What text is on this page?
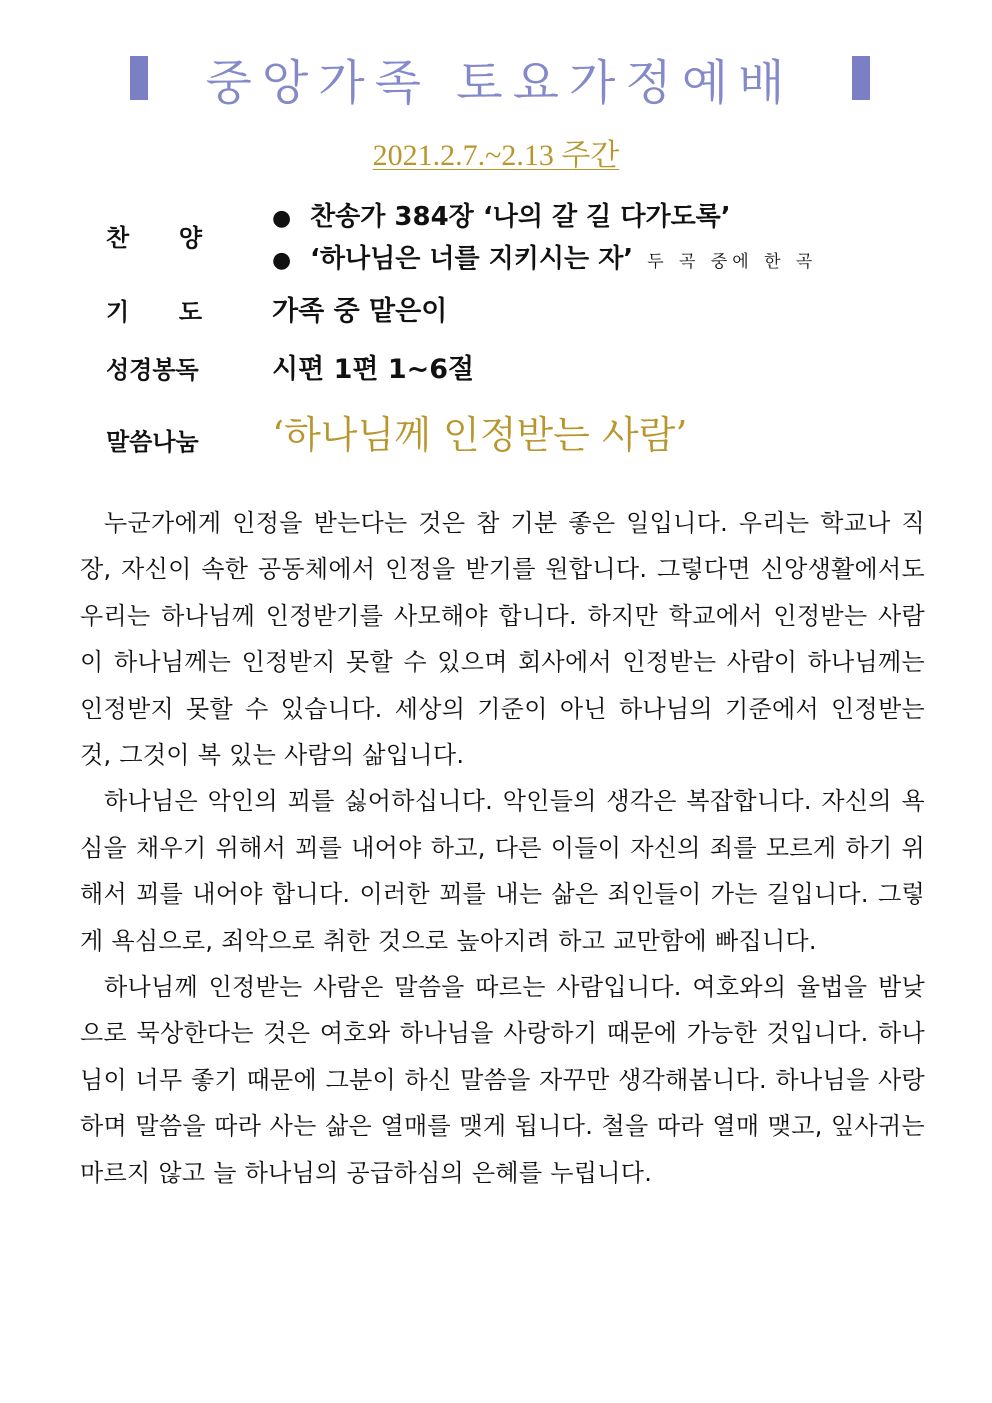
중앙가족 토요가정예배
2021.2.7.~2.13 주간
찬 양
● 찬송가 384장 ‘나의 갈 길 다가도록’
● ‘하나님은 너를 지키시는 자’ 두 곡 중에 한 곡
기 도	가족 중 맡은이
성경봉독	시편 1편 1~6절
말씀나눔 ‘하나님께 인정받는 사람’

누군가에게 인정을 받는다는 것은 참 기분 좋은 일입니다. 우리는 학교나 직장, 자신이 속한 공동체에서 인정을 받기를 원합니다. 그렇다면 신앙생활에서도 우리는 하나님께 인정받기를 사모해야 합니다. 하지만 학교에서 인정받는 사람이 하나님께는 인정받지 못할 수 있으며 회사에서 인정받는 사람이 하나님께는 인정받지 못할 수 있습니다. 세상의 기준이 아닌 하나님의 기준에서 인정받는 것, 그것이 복 있는 사람의 삶입니다.

하나님은 악인의 꾀를 싫어하십니다. 악인들의 생각은 복잡합니다. 자신의 욕심을 채우기 위해서 꾀를 내어야 하고, 다른 이들이 자신의 죄를 모르게 하기 위해서 꾀를 내어야 합니다. 이러한 꾀를 내는 삶은 죄인들이 가는 길입니다. 그렇게 욕심으로, 죄악으로 취한 것으로 높아지려 하고 교만함에 빠집니다.

하나님께 인정받는 사람은 말씀을 따르는 사람입니다. 여호와의 율법을 밤낮으로 묵상한다는 것은 여호와 하나님을 사랑하기 때문에 가능한 것입니다. 하나님이 너무 좋기 때문에 그분이 하신 말씀을 자꾸만 생각해봅니다. 하나님을 사랑하며 말씀을 따라 사는 삶은 열매를 맺게 됩니다. 철을 따라 열매 맺고, 잎사귀는 마르지 않고 늘 하나님의 공급하심의 은혜를 누립니다.
